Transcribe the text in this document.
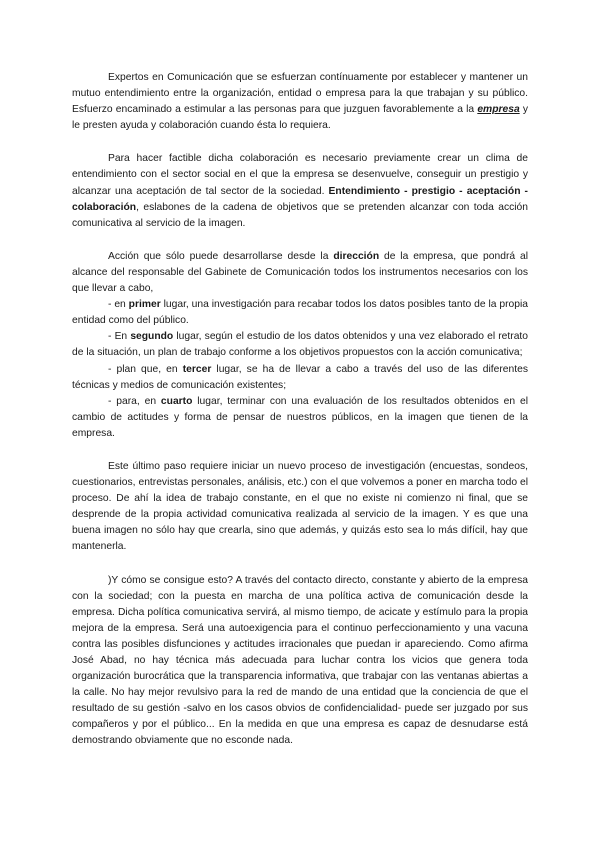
Expertos en Comunicación que se esfuerzan contínuamente por establecer y mantener un mutuo entendimiento entre la organización, entidad o empresa para la que trabajan y su público. Esfuerzo encaminado a estimular a las personas para que juzguen favorablemente a la empresa y le presten ayuda y colaboración cuando ésta lo requiera.

Para hacer factible dicha colaboración es necesario previamente crear un clima de entendimiento con el sector social en el que la empresa se desenvuelve, conseguir un prestigio y alcanzar una aceptación de tal sector de la sociedad. Entendimiento - prestigio - aceptación - colaboración, eslabones de la cadena de objetivos que se pretenden alcanzar con toda acción comunicativa al servicio de la imagen.

Acción que sólo puede desarrollarse desde la dirección de la empresa, que pondrá al alcance del responsable del Gabinete de Comunicación todos los instrumentos necesarios con los que llevar a cabo,

- en primer lugar, una investigación para recabar todos los datos posibles tanto de la propia entidad como del público.

- En segundo lugar, según el estudio de los datos obtenidos y una vez elaborado el retrato de la situación, un plan de trabajo conforme a los objetivos propuestos con la acción comunicativa;

- plan que, en tercer lugar, se ha de llevar a cabo a través del uso de las diferentes técnicas y medios de comunicación existentes;

- para, en cuarto lugar, terminar con una evaluación de los resultados obtenidos en el cambio de actitudes y forma de pensar de nuestros públicos, en la imagen que tienen de la empresa.

Este último paso requiere iniciar un nuevo proceso de investigación (encuestas, sondeos, cuestionarios, entrevistas personales, análisis, etc.) con el que volvemos a poner en marcha todo el proceso. De ahí la idea de trabajo constante, en el que no existe ni comienzo ni final, que se desprende de la propia actividad comunicativa realizada al servicio de la imagen. Y es que una buena imagen no sólo hay que crearla, sino que además, y quizás esto sea lo más difícil, hay que mantenerla.

)Y cómo se consigue esto? A través del contacto directo, constante y abierto de la empresa con la sociedad; con la puesta en marcha de una política activa de comunicación desde la empresa. Dicha política comunicativa servirá, al mismo tiempo, de acicate y estímulo para la propia mejora de la empresa. Será una autoexigencia para el continuo perfeccionamiento y una vacuna contra las posibles disfunciones y actitudes irracionales que puedan ir apareciendo. Como afirma José Abad, no hay técnica más adecuada para luchar contra los vicios que genera toda organización burocrática que la transparencia informativa, que trabajar con las ventanas abiertas a la calle. No hay mejor revulsivo para la red de mando de una entidad que la conciencia de que el resultado de su gestión -salvo en los casos obvios de confidencialidad- puede ser juzgado por sus compañeros y por el público... En la medida en que una empresa es capaz de desnudarse está demostrando obviamente que no esconde nada.
